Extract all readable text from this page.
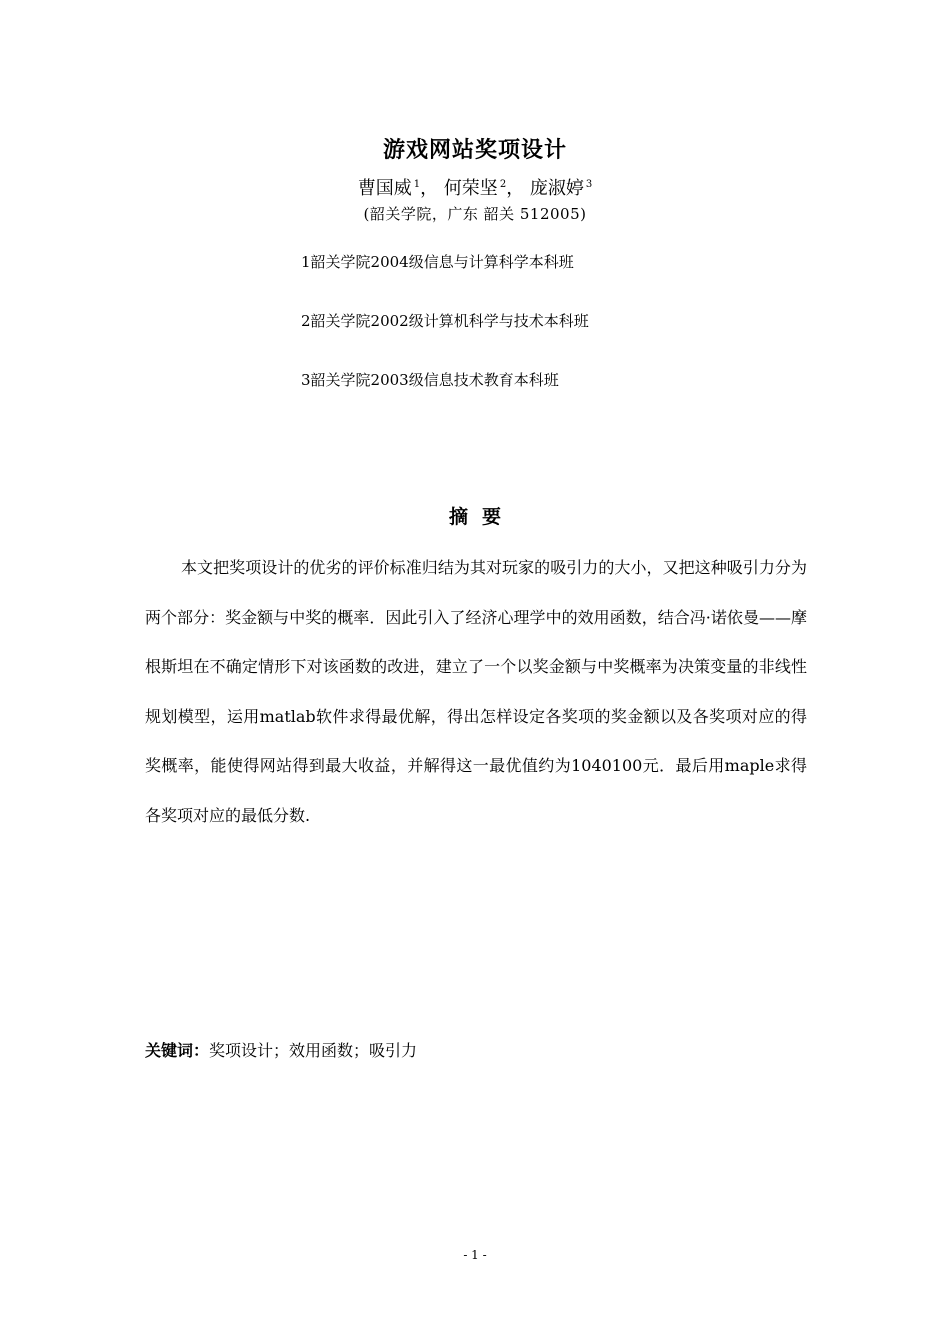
游戏网站奖项设计
曹国威 $^1$， 何荣坚 $^2$， 庞淑婷 $^3$
(韶关学院，广东 韶关 512005)
1韶关学院2004级信息与计算科学本科班
2韶关学院2002级计算机科学与技术本科班
3韶关学院2003级信息技术教育本科班
摘要
本文把奖项设计的优劣的评价标准归结为其对玩家的吸引力的大小，又把这种吸引力分为两个部分：奖金额与中奖的概率．因此引入了经济心理学中的效用函数，结合冯·诺依曼——摩根斯坦在不确定情形下对该函数的改进，建立了一个以奖金额与中奖概率为决策变量的非线性规划模型，运用matlab软件求得最优解，得出怎样设定各奖项的奖金额以及各奖项对应的得奖概率，能使得网站得到最大收益，并解得这一最优值约为1040100元．最后用maple求得各奖项对应的最低分数.
关键词：奖项设计；效用函数；吸引力
- 1 -
